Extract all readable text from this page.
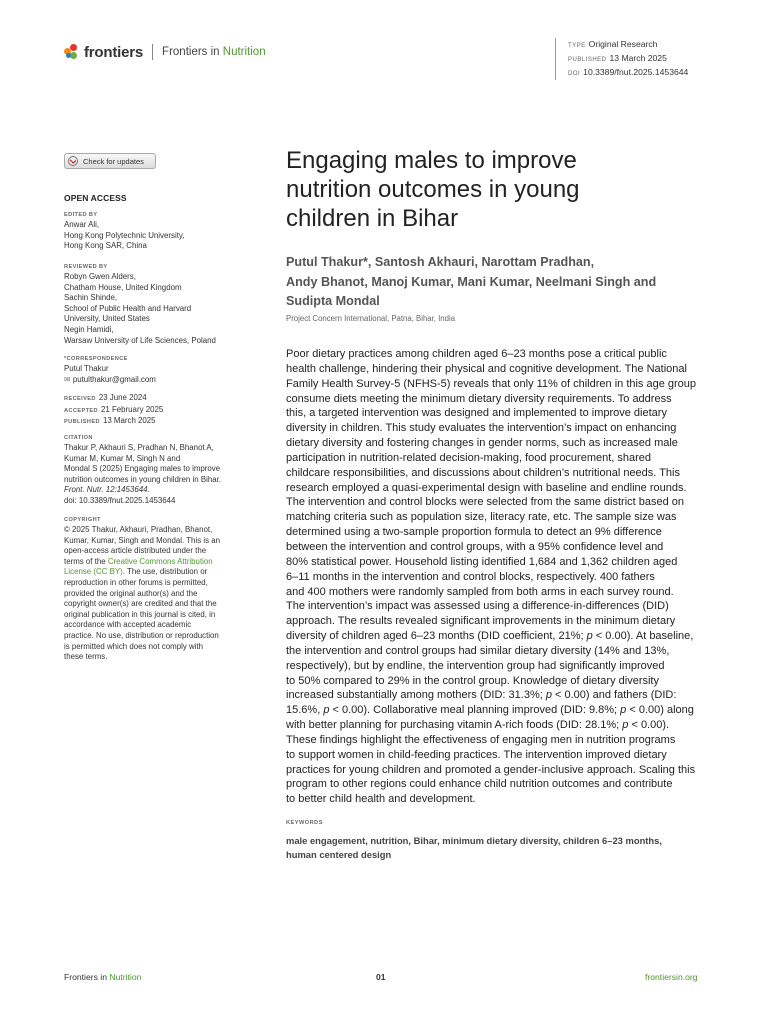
frontiers Frontiers in Nutrition	TYPE Original Research
PUBLISHED 13 March 2025
DOI 10.3389/fnut.2025.1453644
Check for updates
OPEN ACCESS
EDITED BY
Anwar Ali,
Hong Kong Polytechnic University,
Hong Kong SAR, China
REVIEWED BY
Robyn Gwen Alders,
Chatham House, United Kingdom
Sachin Shinde,
School of Public Health and Harvard
University, United States
Negin Hamidi,
Warsaw University of Life Sciences, Poland
*CORRESPONDENCE
Putul Thakur
✉ putulthakur@gmail.com
RECEIVED 23 June 2024
ACCEPTED 21 February 2025
PUBLISHED 13 March 2025
CITATION
Thakur P, Akhauri S, Pradhan N, Bhanot A,
Kumar M, Kumar M, Singh N and
Mondal S (2025) Engaging males to improve
nutrition outcomes in young children in Bihar.
Front. Nutr. 12:1453644.
doi: 10.3389/fnut.2025.1453644
COPYRIGHT
© 2025 Thakur, Akhauri, Pradhan, Bhanot,
Kumar, Kumar, Singh and Mondal. This is an
open-access article distributed under the
terms of the Creative Commons Attribution
License (CC BY). The use, distribution or
reproduction in other forums is permitted,
provided the original author(s) and the
copyright owner(s) are credited and that the
original publication in this journal is cited, in
accordance with accepted academic
practice. No use, distribution or reproduction
is permitted which does not comply with
these terms.
Engaging males to improve
nutrition outcomes in young
children in Bihar
Putul Thakur*, Santosh Akhauri, Narottam Pradhan,
Andy Bhanot, Manoj Kumar, Mani Kumar, Neelmani Singh and
Sudipta Mondal
Project Concern International, Patna, Bihar, India
Poor dietary practices among children aged 6–23 months pose a critical public
health challenge, hindering their physical and cognitive development. The National
Family Health Survey-5 (NFHS-5) reveals that only 11% of children in this age group
consume diets meeting the minimum dietary diversity requirements. To address
this, a targeted intervention was designed and implemented to improve dietary
diversity in children. This study evaluates the intervention’s impact on enhancing
dietary diversity and fostering changes in gender norms, such as increased male
participation in nutrition-related decision-making, food procurement, shared
childcare responsibilities, and discussions about children’s nutritional needs. This
research employed a quasi-experimental design with baseline and endline rounds.
The intervention and control blocks were selected from the same district based on
matching criteria such as population size, literacy rate, etc. The sample size was
determined using a two-sample proportion formula to detect an 9% difference
between the intervention and control groups, with a 95% confidence level and
80% statistical power. Household listing identified 1,684 and 1,362 children aged
6–11 months in the intervention and control blocks, respectively. 400 fathers
and 400 mothers were randomly sampled from both arms in each survey round.
The intervention’s impact was assessed using a difference-in-differences (DID)
approach. The results revealed significant improvements in the minimum dietary
diversity of children aged 6–23 months (DID coefficient, 21%; p < 0.00). At baseline,
the intervention and control groups had similar dietary diversity (14% and 13%,
respectively), but by endline, the intervention group had significantly improved
to 50% compared to 29% in the control group. Knowledge of dietary diversity
increased substantially among mothers (DID: 31.3%; p < 0.00) and fathers (DID:
15.6%, p < 0.00). Collaborative meal planning improved (DID: 9.8%; p < 0.00) along
with better planning for purchasing vitamin A-rich foods (DID: 28.1%; p < 0.00).
These findings highlight the effectiveness of engaging men in nutrition programs
to support women in child-feeding practices. The intervention improved dietary
practices for young children and promoted a gender-inclusive approach. Scaling this
program to other regions could enhance child nutrition outcomes and contribute
to better child health and development.
KEYWORDS
male engagement, nutrition, Bihar, minimum dietary diversity, children 6–23 months,
human centered design
Frontiers in Nutrition	01	frontiersin.org
